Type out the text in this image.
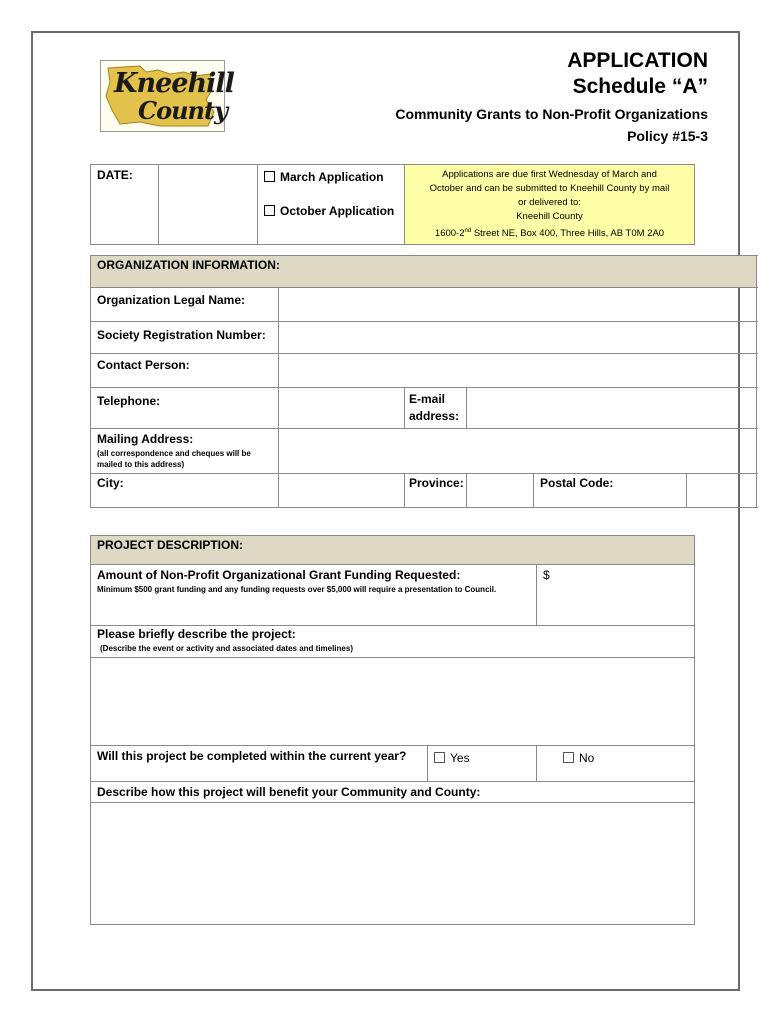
Kneehill
County
APPLICATION
Schedule “A”
Community Grants to Non-Profit Organizations
Policy #15-3
DATE:		March Application
October Application

Applications are due first Wednesday of March and
October and can be submitted to Kneehill County by mail
or delivered to:
Kneehill County
1600-2nd Street NE, Box 400, Three Hills, AB T0M 2A0
ORGANIZATION INFORMATION:					
Organization Legal Name:					
Society Registration Number:					
Contact Person:					
Telephone:		E-mail
address:			

Mailing Address:
(all correspondence and cheques will be mailed to this address)					

City:		Province:		Postal Code:	
PROJECT DESCRIPTION:		
Amount of Non-Profit Organizational Grant Funding Requested:
Minimum $500 grant funding and any funding requests over $5,000 will require a presentation to Council.		$
Please briefly describe the project:
(Describe the event or activity and associated dates and timelines)		

Will this project be completed within the current year?	Yes	No
Describe how this project will benefit your Community and County:		
